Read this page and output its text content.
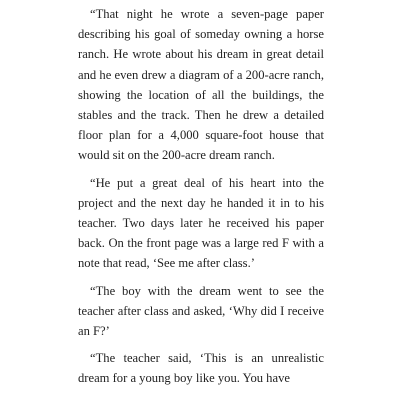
“That night he wrote a seven-page paper describing his goal of someday owning a horse ranch. He wrote about his dream in great detail and he even drew a diagram of a 200-acre ranch, showing the location of all the buildings, the stables and the track. Then he drew a detailed floor plan for a 4,000 square-foot house that would sit on the 200-acre dream ranch.

“He put a great deal of his heart into the project and the next day he handed it in to his teacher. Two days later he received his paper back. On the front page was a large red F with a note that read, ‘See me after class.’

“The boy with the dream went to see the teacher after class and asked, ‘Why did I receive an F?’

“The teacher said, ‘This is an unrealistic dream for a young boy like you. You have
